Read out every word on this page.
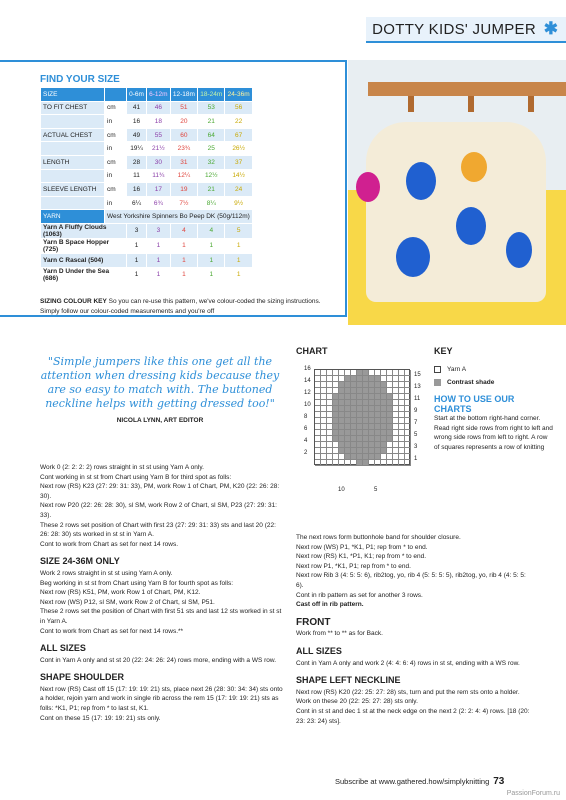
DOTTY KIDS' JUMPER ✱
FIND YOUR SIZE
SIZE		0-6m	6-12m	12-18m	18-24m	24-36m
TO FIT CHEST	cm	41	46	51	53	56
	in	16	18	20	21	22
ACTUAL CHEST	cm	49	55	60	64	67
	in	19¼	21½	23¾	25	26½
LENGTH	cm	28	30	31	32	37
	in	11	11¾	12¼	12½	14½
SLEEVE LENGTH	cm	16	17	19	21	24
	in	6¼	6¾	7½	8¼	9½
YARN	West Yorkshire Spinners Bo Peep DK (50g/112m)					
Yarn A Fluffy Clouds (1063)		3	3	4	4	5
Yarn B Space Hopper (725)		1	1	1	1	1
Yarn C Rascal (504)		1	1	1	1	1
Yarn D Under the Sea (686)		1	1	1	1	1

SIZING COLOUR KEY So you can re-use this pattern, we've colour-coded the sizing instructions. Simply follow our colour-coded measurements and you're off

"Simple jumpers like this one get all the attention when dressing kids because they are so easy to match with. The buttoned neckline helps with getting dressed too!"

NICOLA LYNN, ART EDITOR

CHART
16
14
12
10
8
6
4
2
15
13
11
9
7
5
3
1
10	5
KEY
Yarn A
Contrast shade

HOW TO USE OUR CHARTS

Start at the bottom right-hand corner. Read right side rows from right to left and wrong side rows from left to right. A row of squares represents a row of knitting

Work 0 (2: 2: 2: 2) rows straight in st st using Yarn A only.

Cont working in st st from Chart using Yarn B for third spot as folls:

Next row (RS) K23 (27: 29: 31: 33), PM, work Row 1 of Chart, PM, K20 (22: 26: 28: 30).

Next row P20 (22: 26: 28: 30), sl SM, work Row 2 of Chart, sl SM, P23 (27: 29: 31: 33).

These 2 rows set position of Chart with first 23 (27: 29: 31: 33) sts and last 20 (22: 26: 28: 30) sts worked in st st in Yarn A.

Cont to work from Chart as set for next 14 rows.

SIZE 24-36M ONLY

Work 2 rows straight in st st using Yarn A only.

Beg working in st st from Chart using Yarn B for fourth spot as folls:

Next row (RS) K51, PM, work Row 1 of Chart, PM, K12.

Next row (WS) P12, sl SM, work Row 2 of Chart, sl SM, P51.

These 2 rows set the position of Chart with first 51 sts and last 12 sts worked in st st in Yarn A.

Cont to work from Chart as set for next 14 rows.**

ALL SIZES

Cont in Yarn A only and st st 20 (22: 24: 26: 24) rows more, ending with a WS row.

SHAPE SHOULDER

Next row (RS) Cast off 15 (17: 19: 19: 21) sts, place next 26 (28: 30: 34: 34) sts onto a holder, rejoin yarn and work in single rib across the rem 15 (17: 19: 19: 21) sts as folls: *K1, P1; rep from * to last st, K1.

Cont on these 15 (17: 19: 19: 21) sts only.

The next rows form buttonhole band for shoulder closure.

Next row (WS) P1, *K1, P1; rep from * to end.

Next row (RS) K1, *P1, K1; rep from * to end.

Next row P1, *K1, P1; rep from * to end.

Next row Rib 3 (4: 5: 5: 6), rib2tog, yo, rib 4 (5: 5: 5: 5), rib2tog, yo, rib 4 (4: 5: 5: 6).

Cont in rib pattern as set for another 3 rows.

Cast off in rib pattern.

FRONT

Work from ** to ** as for Back.

ALL SIZES

Cont in Yarn A only and work 2 (4: 4: 6: 4) rows in st st, ending with a WS row.

SHAPE LEFT NECKLINE

Next row (RS) K20 (22: 25: 27: 28) sts, turn and put the rem sts onto a holder. Work on these 20 (22: 25: 27: 28) sts only.

Cont in st st and dec 1 st at the neck edge on the next 2 (2: 2: 4: 4) rows. [18 (20: 23: 23: 24) sts].

Subscribe at www.gathered.how/simplyknitting 73
PassionForum.ru
